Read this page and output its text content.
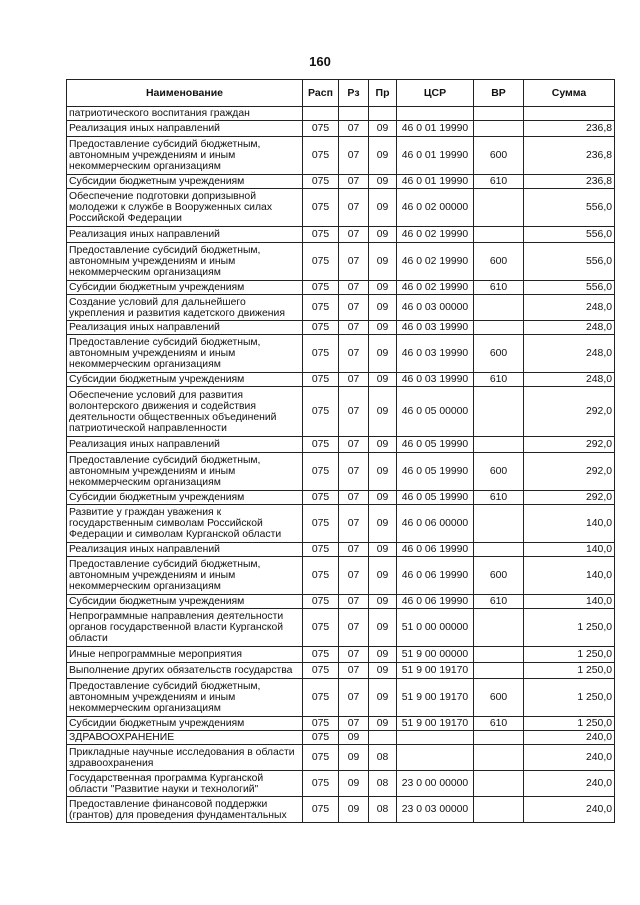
160
Наименование	Расп	Рз	Пр	ЦСР	ВР	Сумма
патриотического воспитания граждан						
Реализация иных направлений	075	07	09	46 0 01 19990		236,8
Предоставление субсидий бюджетным, автономным учреждениям и иным некоммерческим организациям	075	07	09	46 0 01 19990	600	236,8
Субсидии бюджетным учреждениям	075	07	09	46 0 01 19990	610	236,8
Обеспечение подготовки допризывной молодежи к службе в Вооруженных силах Российской Федерации	075	07	09	46 0 02 00000		556,0
Реализация иных направлений	075	07	09	46 0 02 19990		556,0
Предоставление субсидий бюджетным, автономным учреждениям и иным некоммерческим организациям	075	07	09	46 0 02 19990	600	556,0
Субсидии бюджетным учреждениям	075	07	09	46 0 02 19990	610	556,0
Создание условий для дальнейшего укрепления и развития кадетского движения	075	07	09	46 0 03 00000		248,0
Реализация иных направлений	075	07	09	46 0 03 19990		248,0
Предоставление субсидий бюджетным, автономным учреждениям и иным некоммерческим организациям	075	07	09	46 0 03 19990	600	248,0
Субсидии бюджетным учреждениям	075	07	09	46 0 03 19990	610	248,0
Обеспечение условий для развития волонтерского движения и содействия деятельности общественных объединений патриотической направленности	075	07	09	46 0 05 00000		292,0
Реализация иных направлений	075	07	09	46 0 05 19990		292,0
Предоставление субсидий бюджетным, автономным учреждениям и иным некоммерческим организациям	075	07	09	46 0 05 19990	600	292,0
Субсидии бюджетным учреждениям	075	07	09	46 0 05 19990	610	292,0
Развитие у граждан уважения к государственным символам Российской Федерации и символам Курганской области	075	07	09	46 0 06 00000		140,0
Реализация иных направлений	075	07	09	46 0 06 19990		140,0
Предоставление субсидий бюджетным, автономным учреждениям и иным некоммерческим организациям	075	07	09	46 0 06 19990	600	140,0
Субсидии бюджетным учреждениям	075	07	09	46 0 06 19990	610	140,0
Непрограммные направления деятельности органов государственной власти Курганской области	075	07	09	51 0 00 00000		1 250,0
Иные непрограммные мероприятия	075	07	09	51 9 00 00000		1 250,0
Выполнение других обязательств государства	075	07	09	51 9 00 19170		1 250,0
Предоставление субсидий бюджетным, автономным учреждениям и иным некоммерческим организациям	075	07	09	51 9 00 19170	600	1 250,0
Субсидии бюджетным учреждениям	075	07	09	51 9 00 19170	610	1 250,0
ЗДРАВООХРАНЕНИЕ	075	09				240,0
Прикладные научные исследования в области здравоохранения	075	09	08			240,0
Государственная программа Курганской области "Развитие науки и технологий"	075	09	08	23 0 00 00000		240,0
Предоставление финансовой поддержки (грантов) для проведения фундаментальных	075	09	08	23 0 03 00000		240,0
